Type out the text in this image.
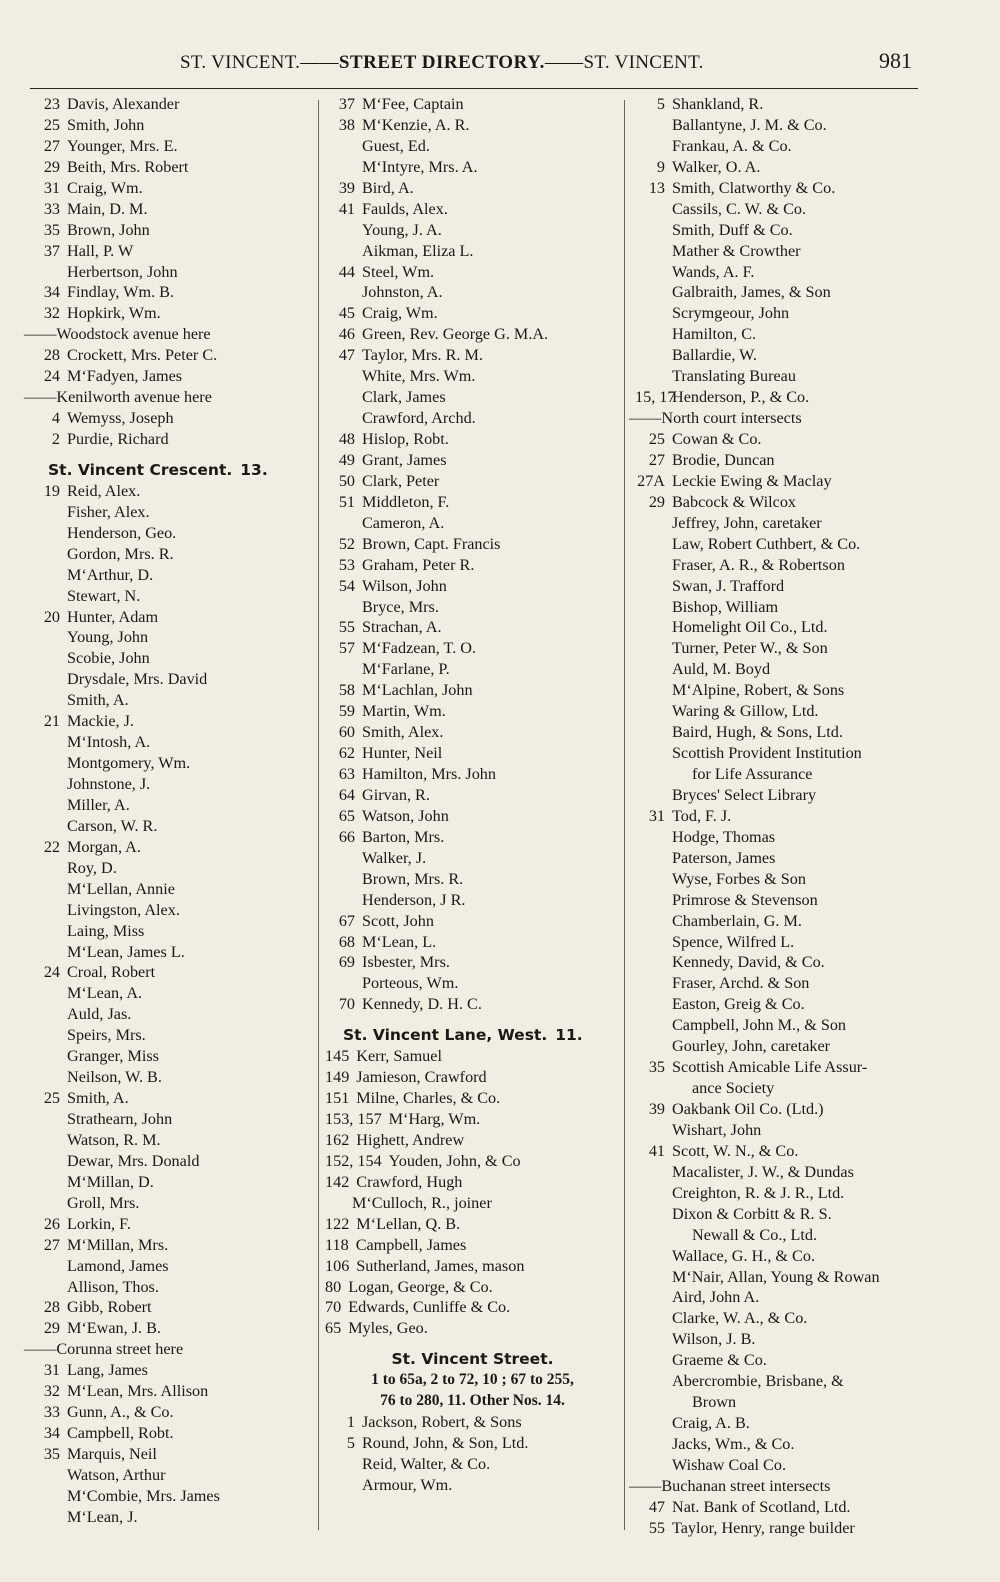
ST. VINCENT.——STREET DIRECTORY.——ST. VINCENT.	981
23 Davis, Alexander
25 Smith, John
27 Younger, Mrs. E.
29 Beith, Mrs. Robert
31 Craig, Wm.
33 Main, D. M.
35 Brown, John
37 Hall, P. W
Herbertson, John
34 Findlay, Wm. B.
32 Hopkirk, Wm.
——Woodstock avenue here
28 Crockett, Mrs. Peter C.
24 M‘Fadyen, James
——Kenilworth avenue here
4 Wemyss, Joseph
2 Purdie, Richard
St. Vincent Crescent. 13.
19 Reid, Alex.
Fisher, Alex.
Henderson, Geo.
Gordon, Mrs. R.
M‘Arthur, D.
Stewart, N.
20 Hunter, Adam
Young, John
Scobie, John
Drysdale, Mrs. David
Smith, A.
21 Mackie, J.
M‘Intosh, A.
Montgomery, Wm.
Johnstone, J.
Miller, A.
Carson, W. R.
22 Morgan, A.
Roy, D.
M‘Lellan, Annie
Livingston, Alex.
Laing, Miss
M‘Lean, James L.
24 Croal, Robert
M‘Lean, A.
Auld, Jas.
Speirs, Mrs.
Granger, Miss
Neilson, W. B.
25 Smith, A.
Strathearn, John
Watson, R. M.
Dewar, Mrs. Donald
M‘Millan, D.
Groll, Mrs.
26 Lorkin, F.
27 M‘Millan, Mrs.
Lamond, James
Allison, Thos.
28 Gibb, Robert
29 M‘Ewan, J. B.
——Corunna street here
31 Lang, James
32 M‘Lean, Mrs. Allison
33 Gunn, A., & Co.
34 Campbell, Robt.
35 Marquis, Neil
Watson, Arthur
M‘Combie, Mrs. James
M‘Lean, J.
37 M‘Fee, Captain
38 M‘Kenzie, A. R.
Guest, Ed.
M‘Intyre, Mrs. A.
39 Bird, A.
41 Faulds, Alex.
Young, J. A.
Aikman, Eliza L.
44 Steel, Wm.
Johnston, A.
45 Craig, Wm.
46 Green, Rev. George G. M.A.
47 Taylor, Mrs. R. M.
White, Mrs. Wm.
Clark, James
Crawford, Archd.
48 Hislop, Robt.
49 Grant, James
50 Clark, Peter
51 Middleton, F.
Cameron, A.
52 Brown, Capt. Francis
53 Graham, Peter R.
54 Wilson, John
Bryce, Mrs.
55 Strachan, A.
57 M‘Fadzean, T. O.
M‘Farlane, P.
58 M‘Lachlan, John
59 Martin, Wm.
60 Smith, Alex.
62 Hunter, Neil
63 Hamilton, Mrs. John
64 Girvan, R.
65 Watson, John
66 Barton, Mrs.
Walker, J.
Brown, Mrs. R.
Henderson, J R.
67 Scott, John
68 M‘Lean, L.
69 Isbester, Mrs.
Porteous, Wm.
70 Kennedy, D. H. C.
St. Vincent Lane, West. 11.
145 Kerr, Samuel
149 Jamieson, Crawford
151 Milne, Charles, & Co.
153, 157 M‘Harg, Wm.
162 Highett, Andrew
152, 154 Youden, John, & Co
142 Crawford, Hugh
M‘Culloch, R., joiner
122 M‘Lellan, Q. B.
118 Campbell, James
106 Sutherland, James, mason
80 Logan, George, & Co.
70 Edwards, Cunliffe & Co.
65 Myles, Geo.
St. Vincent Street.
1 to 65a, 2 to 72, 10 ; 67 to 255,
76 to 280, 11. Other Nos. 14.
1 Jackson, Robert, & Sons
5 Round, John, & Son, Ltd.
Reid, Walter, & Co.
Armour, Wm.
5 Shankland, R.
Ballantyne, J. M. & Co.
Frankau, A. & Co.
9 Walker, O. A.
13 Smith, Clatworthy & Co.
Cassils, C. W. & Co.
Smith, Duff & Co.
Mather & Crowther
Wands, A. F.
Galbraith, James, & Son
Scrymgeour, John
Hamilton, C.
Ballardie, W.
Translating Bureau
15, 17Henderson, P., & Co.
——North court intersects
25 Cowan & Co.
27 Brodie, Duncan
27A Leckie Ewing & Maclay
29 Babcock & Wilcox
Jeffrey, John, caretaker
Law, Robert Cuthbert, & Co.
Fraser, A. R., & Robertson
Swan, J. Trafford
Bishop, William
Homelight Oil Co., Ltd.
Turner, Peter W., & Son
Auld, M. Boyd
M‘Alpine, Robert, & Sons
Waring & Gillow, Ltd.
Baird, Hugh, & Sons, Ltd.
Scottish Provident Institution
for Life Assurance
Bryces' Select Library
31 Tod, F. J.
Hodge, Thomas
Paterson, James
Wyse, Forbes & Son
Primrose & Stevenson
Chamberlain, G. M.
Spence, Wilfred L.
Kennedy, David, & Co.
Fraser, Archd. & Son
Easton, Greig & Co.
Campbell, John M., & Son
Gourley, John, caretaker
35 Scottish Amicable Life Assur-
ance Society
39 Oakbank Oil Co. (Ltd.)
Wishart, John
41 Scott, W. N., & Co.
Macalister, J. W., & Dundas
Creighton, R. & J. R., Ltd.
Dixon & Corbitt & R. S.
Newall & Co., Ltd.
Wallace, G. H., & Co.
M‘Nair, Allan, Young & Rowan
Aird, John A.
Clarke, W. A., & Co.
Wilson, J. B.
Graeme & Co.
Abercrombie, Brisbane, &
Brown
Craig, A. B.
Jacks, Wm., & Co.
Wishaw Coal Co.
——Buchanan street intersects
47 Nat. Bank of Scotland, Ltd.
55 Taylor, Henry, range builder
